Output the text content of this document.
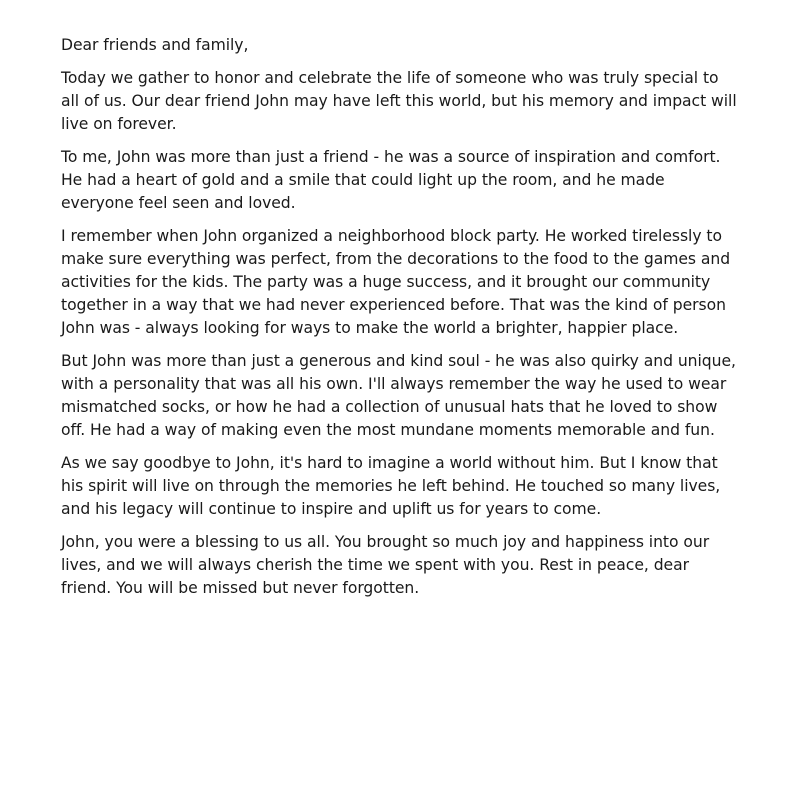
Dear friends and family,

Today we gather to honor and celebrate the life of someone who was truly special to all of us. Our dear friend John may have left this world, but his memory and impact will live on forever.

To me, John was more than just a friend - he was a source of inspiration and comfort. He had a heart of gold and a smile that could light up the room, and he made everyone feel seen and loved.

I remember when John organized a neighborhood block party. He worked tirelessly to make sure everything was perfect, from the decorations to the food to the games and activities for the kids. The party was a huge success, and it brought our community together in a way that we had never experienced before. That was the kind of person John was - always looking for ways to make the world a brighter, happier place.

But John was more than just a generous and kind soul - he was also quirky and unique, with a personality that was all his own. I'll always remember the way he used to wear mismatched socks, or how he had a collection of unusual hats that he loved to show off. He had a way of making even the most mundane moments memorable and fun.

As we say goodbye to John, it's hard to imagine a world without him. But I know that his spirit will live on through the memories he left behind. He touched so many lives, and his legacy will continue to inspire and uplift us for years to come.

John, you were a blessing to us all. You brought so much joy and happiness into our lives, and we will always cherish the time we spent with you. Rest in peace, dear friend. You will be missed but never forgotten.
